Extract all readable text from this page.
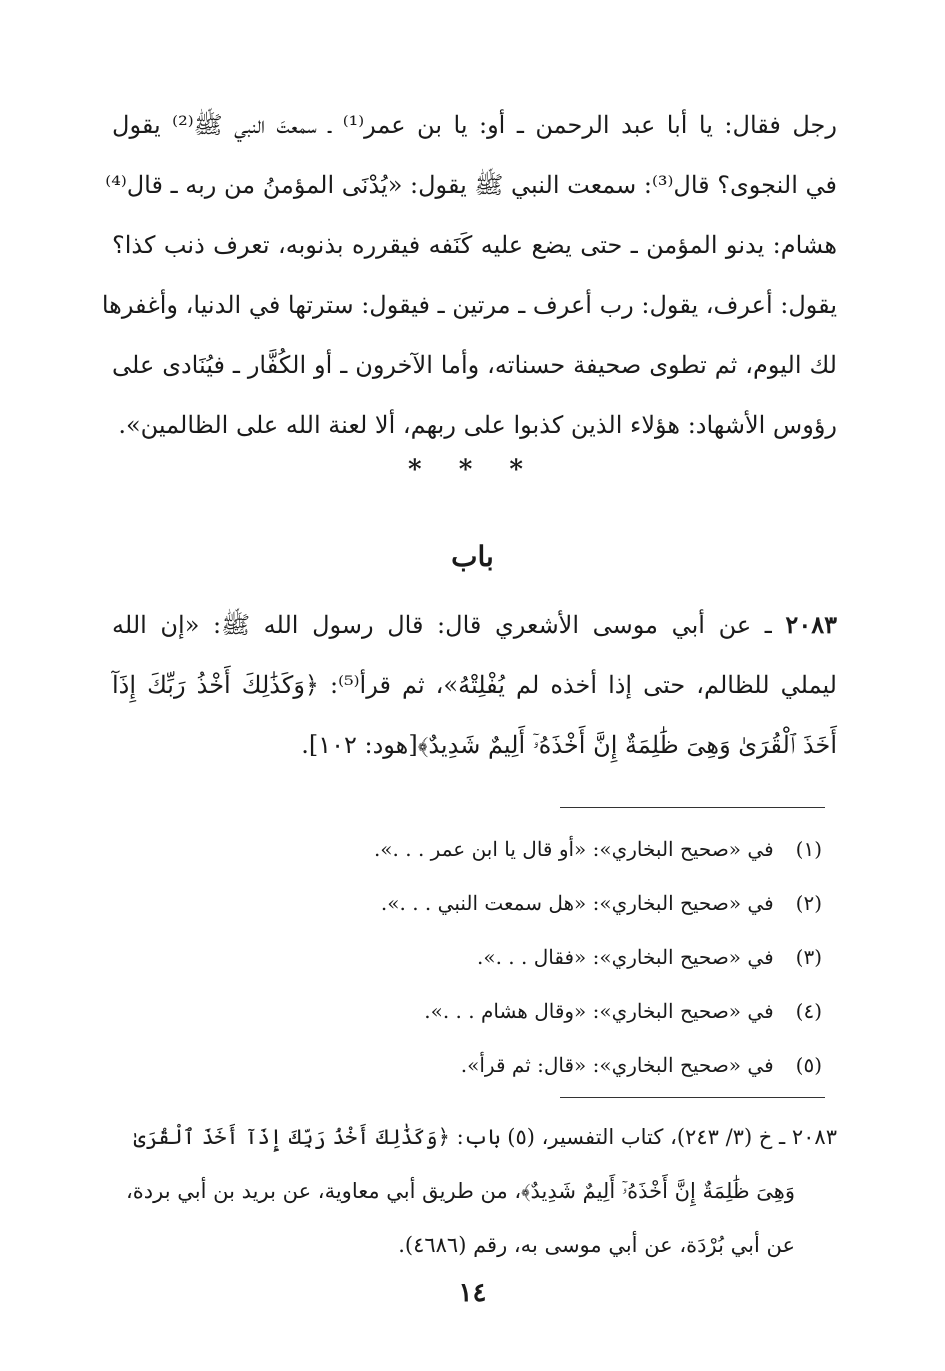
رجل فقال: يا أبا عبد الرحمن ـ أو: يا بن عمر⁽¹⁾ ـ سمعتَ النبي ﷺ⁽²⁾ يقول
في النجوى؟ قال⁽³⁾: سمعت النبي ﷺ يقول: «يُدْنَى المؤمنُ من ربه ـ قال⁽⁴⁾
هشام: يدنو المؤمن ـ حتى يضع عليه كَنَفه فيقرره بذنوبه، تعرف ذنب كذا؟
يقول: أعرف، يقول: رب أعرف ـ مرتين ـ فيقول: سترتها في الدنيا، وأغفرها
لك اليوم، ثم تطوى صحيفة حسناته، وأما الآخرون ـ أو الكُفَّار ـ فيُنَادى على
رؤوس الأشهاد: هؤلاء الذين كذبوا على ربهم، ألا لعنة الله على الظالمين».
* * *
باب
٢٠٨٣ ـ عن أبي موسى الأشعري قال: قال رسول الله ﷺ: «إن الله
ليملي للظالم، حتى إذا أخذه لم يُفْلِتْهُ»، ثم قرأ⁽⁵⁾: ﴿وَكَذَٰلِكَ أَخْذُ رَبِّكَ إِذَآ
أَخَذَ ٱلْقُرَىٰ وَهِىَ ظَٰلِمَةٌ إِنَّ أَخْذَهُۥٓ أَلِيمٌ شَدِيدٌ﴾[هود: ١٠٢].
(١) في «صحيح البخاري»: «أو قال يا ابن عمر . . .».
(٢) في «صحيح البخاري»: «هل سمعت النبي . . .».
(٣) في «صحيح البخاري»: «فقال . . .».
(٤) في «صحيح البخاري»: «وقال هشام . . .».
(٥) في «صحيح البخاري»: «قال: ثم قرأ».
٢٠٨٣ ـ خ (٣/ ٢٤٣)، كتاب التفسير، (٥) باب: ﴿وَكَذَٰلِكَ أَخْذُ رَبِّكَ إِذَآ أَخَذَ ٱلْقُرَىٰ
وَهِىَ ظَٰلِمَةٌ إِنَّ أَخْذَهُۥٓ أَلِيمٌ شَدِيدٌ﴾، من طريق أبي معاوية، عن بريد بن أبي بردة،
عن أبي بُرْدَة، عن أبي موسى به، رقم (٤٦٨٦).
١٤
